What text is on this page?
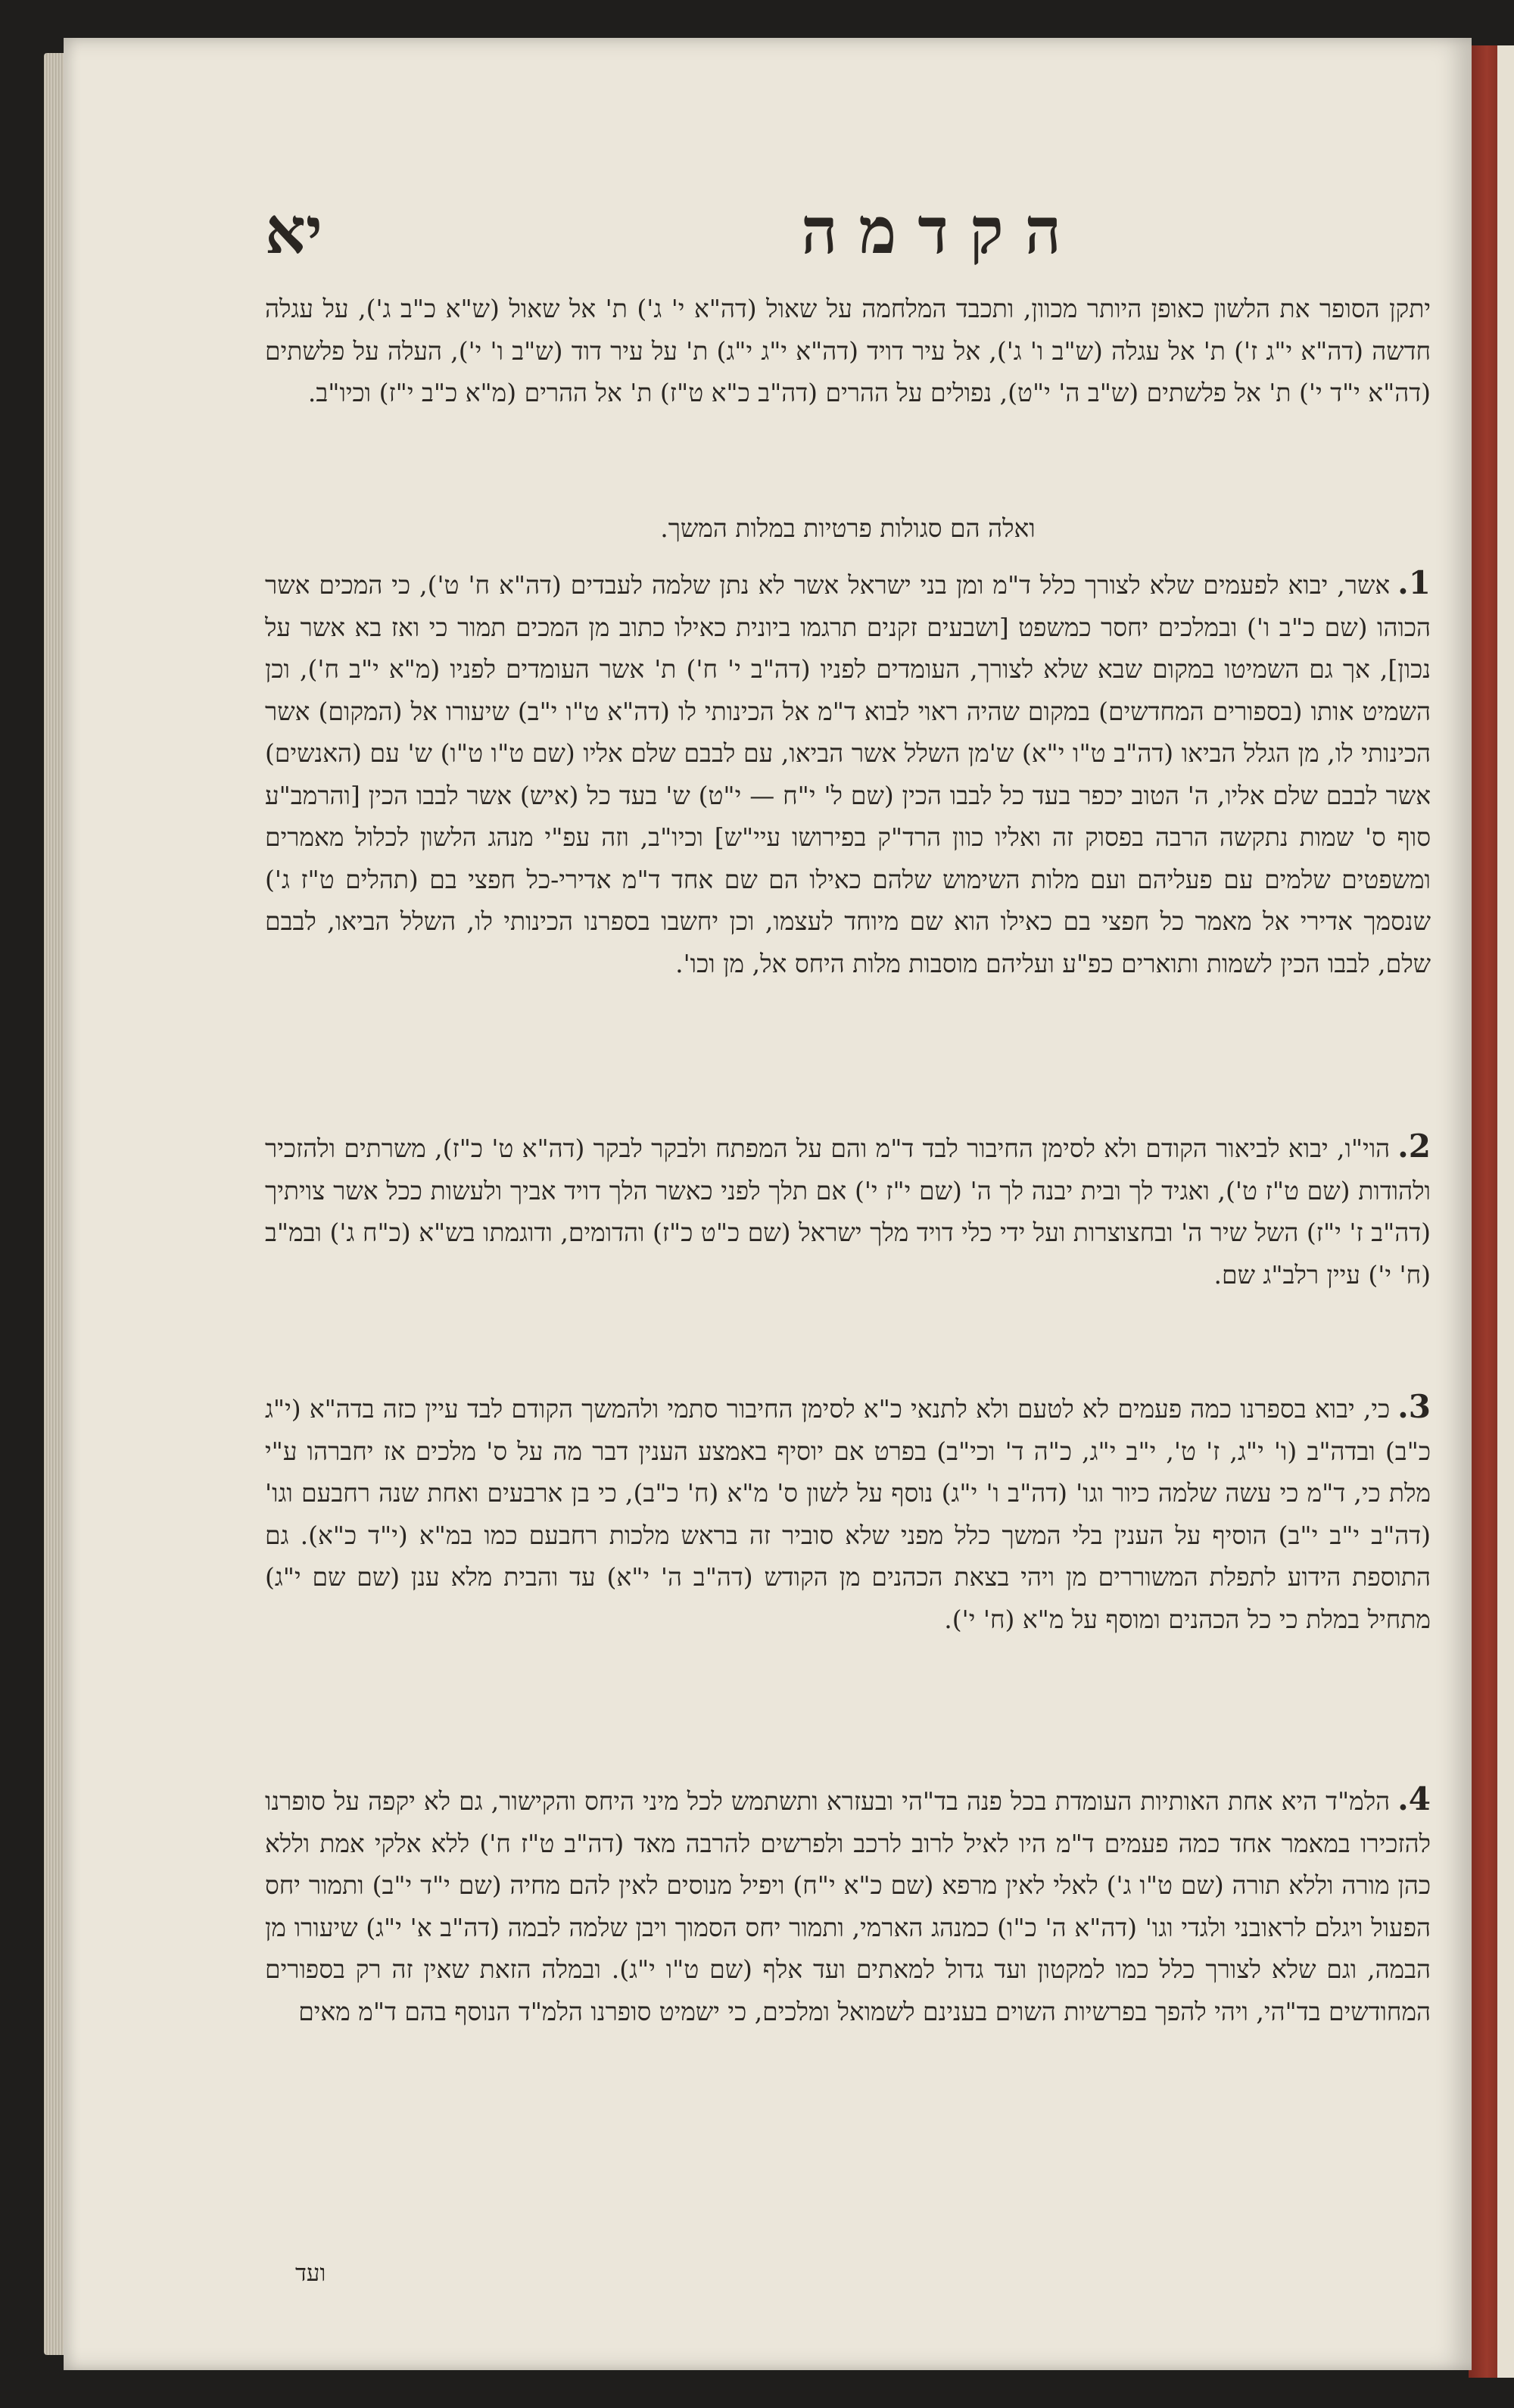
הקדמה
יא

יתקן הסופר את הלשון כאופן היותר מכוון, ותכבד המלחמה על שאול (דה"א י' ג') ת' אל שאול (ש"א כ"ב ג'), על עגלה חדשה (דה"א י"ג ז') ת' אל עגלה (ש"ב ו' ג'), אל עיר דויד (דה"א י"ג י"ג) ת' על עיר דוד (ש"ב ו' י'), העלה על פלשתים (דה"א י"ד י') ת' אל פלשתים (ש"ב ה' י"ט), נפולים על ההרים (דה"ב כ"א ט"ז) ת' אל ההרים (מ"א כ"ב י"ז) וכיו"ב.

ואלה הם סגולות פרטיות במלות המשך.

1.אשר, יבוא לפעמים שלא לצורך כלל ד"מ ומן בני ישראל אשר לא נתן שלמה לעבדים (דה"א ח' ט'), כי המכים אשר הכוהו (שם כ"ב ו') ובמלכים יחסר כמשפט [ושבעים זקנים תרגמו ביונית כאילו כתוב מן המכים תמור כי ואז בא אשר על נכון], אך גם השמיטו במקום שבא שלא לצורך, העומדים לפניו (דה"ב י' ח') ת' אשר העומדים לפניו (מ"א י"ב ח'), וכן השמיט אותו (בספורים המחדשים) במקום שהיה ראוי לבוא ד"מ אל הכינותי לו (דה"א ט"ו י"ב) שיעורו אל (המקום) אשר הכינותי לו, מן הגלל הביאו (דה"ב ט"ו י"א) ש'מן השלל אשר הביאו, עם לבבם שלם אליו (שם ט"ו ט"ו) ש' עם (האנשים) אשר לבבם שלם אליו, ה' הטוב יכפר בעד כל לבבו הכין (שם ל' י"ח — י"ט) ש' בעד כל (איש) אשר לבבו הכין [והרמב"ע סוף ס' שמות נתקשה הרבה בפסוק זה ואליו כוון הרד"ק בפירושו עיי"ש] וכיו"ב, וזה עפ"י מנהג הלשון לכלול מאמרים ומשפטים שלמים עם פעליהם ועם מלות השימוש שלהם כאילו הם שם אחד ד"מ אדירי-כל חפצי בם (תהלים ט"ז ג') שנסמך אדירי אל מאמר כל חפצי בם כאילו הוא שם מיוחד לעצמו, וכן יחשבו בספרנו הכינותי לו, השלל הביאו, לבבם שלם, לבבו הכין לשמות ותוארים כפ"ע ועליהם מוסבות מלות היחס אל, מן וכו'.

2.הוי"ו, יבוא לביאור הקודם ולא לסימן החיבור לבד ד"מ והם על המפתח ולבקר לבקר (דה"א ט' כ"ז), משרתים ולהזכיר ולהודות (שם ט"ז ט'), ואגיד לך ובית יבנה לך ה' (שם י"ז י') אם תלך לפני כאשר הלך דויד אביך ולעשות ככל אשר צויתיך (דה"ב ז' י"ז) השל שיר ה' ובחצוצרות ועל ידי כלי דויד מלך ישראל (שם כ"ט כ"ז) והדומים, ודוגמתו בש"א (כ"ח ג') ובמ"ב (ח' י') עיין רלב"ג שם.

3.כי, יבוא בספרנו כמה פעמים לא לטעם ולא לתנאי כ"א לסימן החיבור סתמי ולהמשך הקודם לבד עיין כזה בדה"א (י"ג כ"ב) ובדה"ב (ו' י"ג, ז' ט', י"ב י"ג, כ"ה ד' וכי"ב) בפרט אם יוסיף באמצע הענין דבר מה על ס' מלכים אז יחברהו ע"י מלת כי, ד"מ כי עשה שלמה כיור וגו' (דה"ב ו' י"ג) נוסף על לשון ס' מ"א (ח' כ"ב), כי בן ארבעים ואחת שנה רחבעם וגו' (דה"ב י"ב י"ב) הוסיף על הענין בלי המשך כלל מפני שלא סוביר זה בראש מלכות רחבעם כמו במ"א (י"ד כ"א). גם התוספת הידוע לתפלת המשוררים מן ויהי בצאת הכהנים מן הקודש (דה"ב ה' י"א) עד והבית מלא ענן (שם שם י"ג) מתחיל במלת כי כל הכהנים ומוסף על מ"א (ח' י').

4.הלמ"ד היא אחת האותיות העומדת בכל פנה בד"הי ובעזרא ותשתמש לכל מיני היחס והקישור, גם לא יקפה על סופרנו להזכירו במאמר אחד כמה פעמים ד"מ היו לאיל לרוב לרכב ולפרשים להרבה מאד (דה"ב ט"ז ח') ללא אלקי אמת וללא כהן מורה וללא תורה (שם ט"ו ג') לאלי לאין מרפא (שם כ"א י"ח) ויפיל מנוסים לאין להם מחיה (שם י"ד י"ב) ותמור יחס הפעול ויגלם לראובני ולגדי וגו' (דה"א ה' כ"ו) כמנהג הארמי, ותמור יחס הסמוך ויבן שלמה לבמה (דה"ב א' י"ג) שיעורו מן הבמה, וגם שלא לצורך כלל כמו למקטון ועד גדול למאתים ועד אלף (שם ט"ו י"ג). ובמלה הזאת שאין זה רק בספורים המחודשים בד"הי, ויהי להפך בפרשיות השוים בענינם לשמואל ומלכים, כי ישמיט סופרנו הלמ"ד הנוסף בהם ד"מ מאים

ועד
